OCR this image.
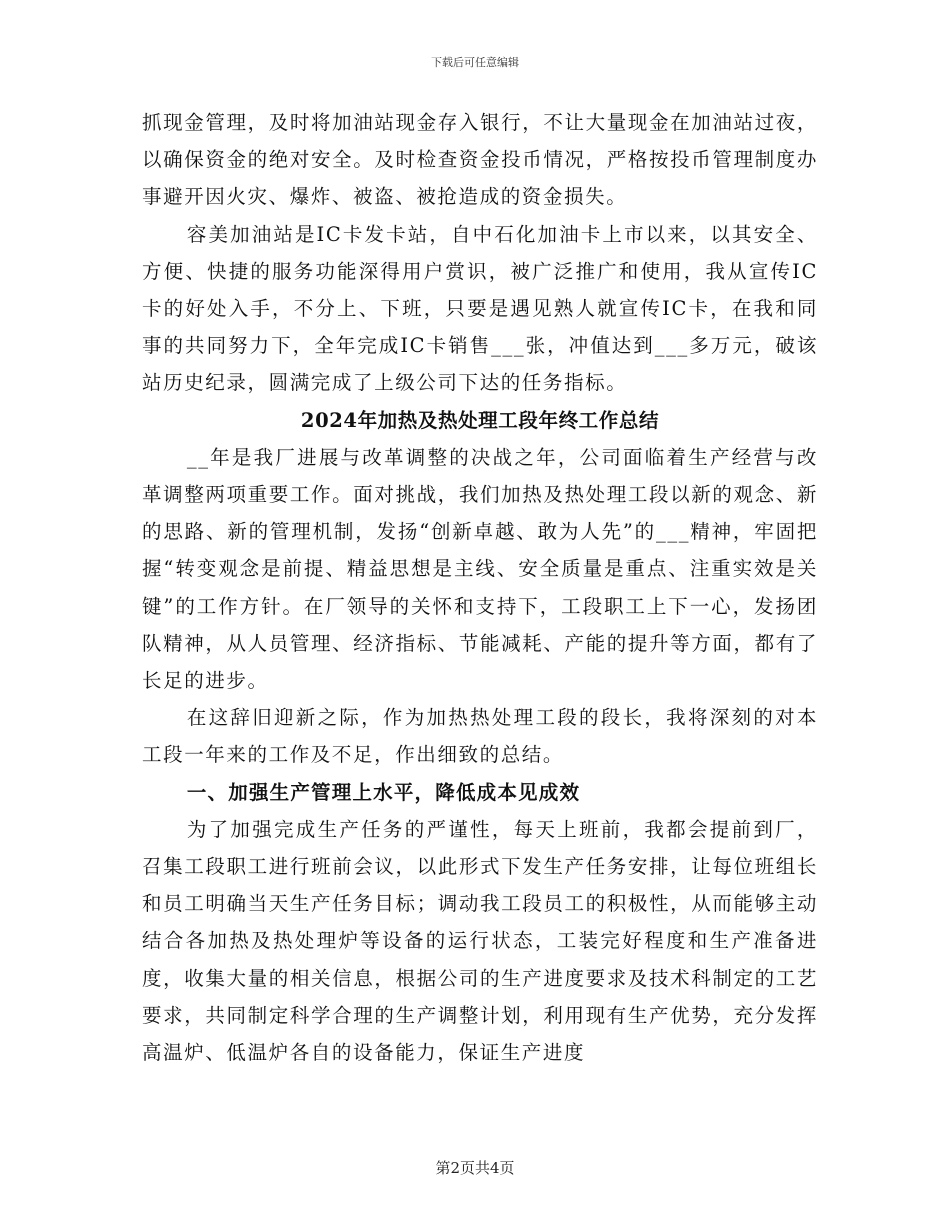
下载后可任意编辑

抓现金管理，及时将加油站现金存入银行，不让大量现金在加油站过夜，以确保资金的绝对安全。及时检查资金投币情况，严格按投币管理制度办事避开因火灾、爆炸、被盗、被抢造成的资金损失。

容美加油站是IC卡发卡站，自中石化加油卡上市以来，以其安全、方便、快捷的服务功能深得用户赏识，被广泛推广和使用，我从宣传IC卡的好处入手，不分上、下班，只要是遇见熟人就宣传IC卡，在我和同事的共同努力下，全年完成IC卡销售___张，冲值达到___多万元，破该站历史纪录，圆满完成了上级公司下达的任务指标。

2024年加热及热处理工段年终工作总结

__年是我厂进展与改革调整的决战之年，公司面临着生产经营与改革调整两项重要工作。面对挑战，我们加热及热处理工段以新的观念、新的思路、新的管理机制，发扬“创新卓越、敢为人先”的___精神，牢固把握“转变观念是前提、精益思想是主线、安全质量是重点、注重实效是关键”的工作方针。在厂领导的关怀和支持下，工段职工上下一心，发扬团队精神，从人员管理、经济指标、节能减耗、产能的提升等方面，都有了长足的进步。

在这辞旧迎新之际，作为加热热处理工段的段长，我将深刻的对本工段一年来的工作及不足，作出细致的总结。

一、加强生产管理上水平，降低成本见成效

为了加强完成生产任务的严谨性，每天上班前，我都会提前到厂，召集工段职工进行班前会议，以此形式下发生产任务安排，让每位班组长和员工明确当天生产任务目标；调动我工段员工的积极性，从而能够主动结合各加热及热处理炉等设备的运行状态，工装完好程度和生产准备进度，收集大量的相关信息，根据公司的生产进度要求及技术科制定的工艺要求，共同制定科学合理的生产调整计划，利用现有生产优势，充分发挥高温炉、低温炉各自的设备能力，保证生产进度

第2页共4页
